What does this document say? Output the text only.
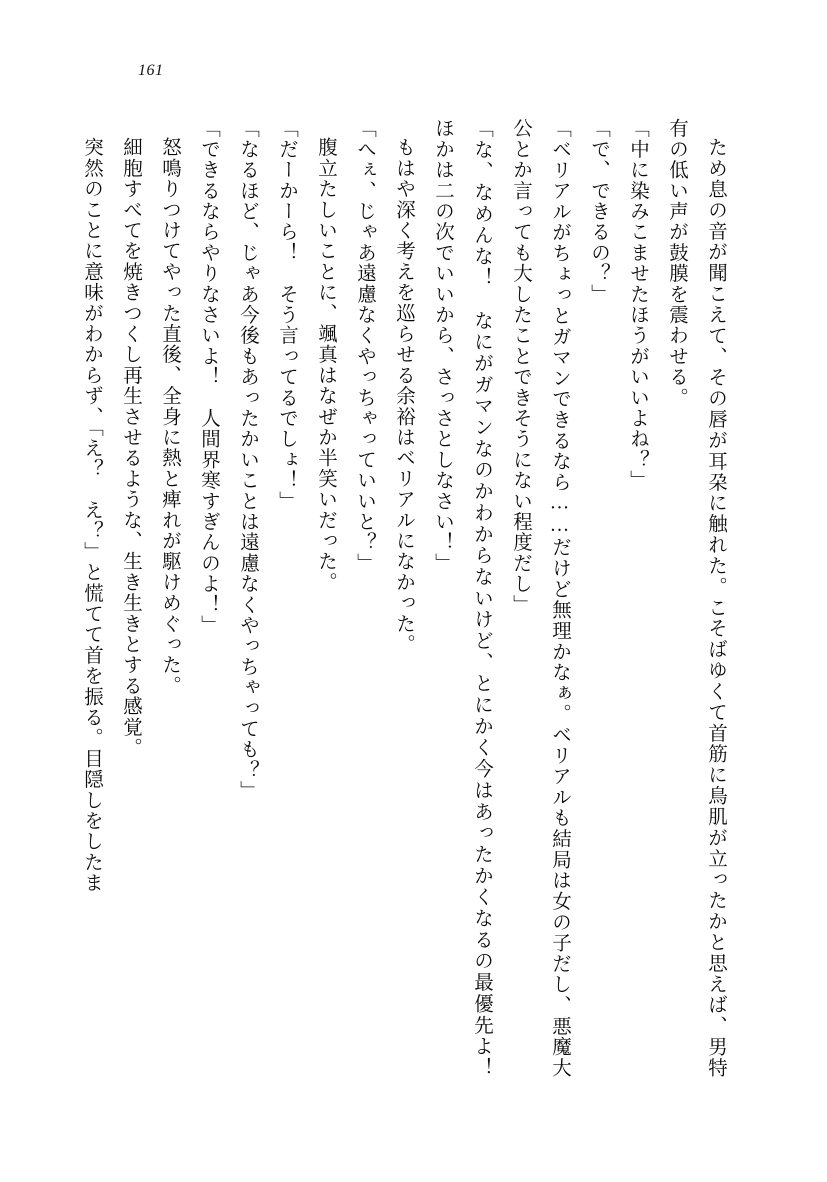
161

ため息の音が聞こえて、その唇が耳朶に触れた。こそばゆくて首筋に鳥肌が立ったかと思えば、男特有の低い声が鼓膜を震わせる。

「中に染みこませたほうがいいよね？」

「で、できるの？」

「ベリアルがちょっとガマンできるなら……だけど無理かなぁ。ベリアルも結局は女の子だし、悪魔大公とか言っても大したことできそうにない程度だし」

「な、なめんな！　なにがガマンなのかわからないけど、とにかく今はあったかくなるの最優先よ！　ほかは二の次でいいから、さっさとしなさい！」

もはや深く考えを巡らせる余裕はベリアルになかった。

「へぇ、じゃあ遠慮なくやっちゃっていいと？」

腹立たしいことに、颯真はなぜか半笑いだった。

「だーかーら！　そう言ってるでしょ！」

「なるほど、じゃあ今後もあったかいことは遠慮なくやっちゃっても？」

「できるならやりなさいよ！　人間界寒すぎんのよ！」

怒鳴りつけてやった直後、全身に熱と痺れが駆けめぐった。

細胞すべてを焼きつくし再生させるような、生き生きとする感覚。

突然のことに意味がわからず、「え？　え？」と慌てて首を振る。目隠しをしたま
